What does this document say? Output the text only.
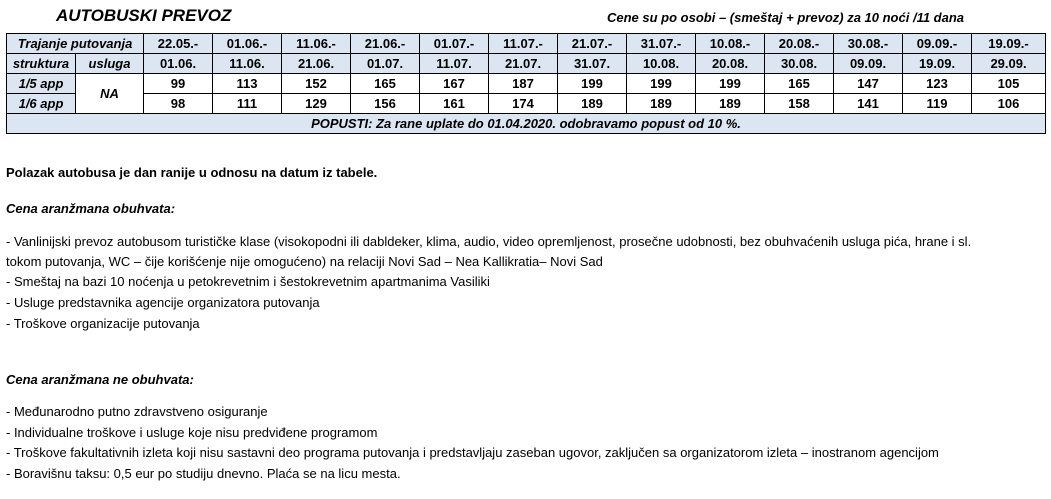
AUTOBUSKI PREVOZ	Cene su po osobi – (smeštaj + prevoz) za 10 noći /11 dana
Trajanje putovanja		22.05.-	01.06.-	11.06.-	21.06.-	01.07.-	11.07.-	21.07.-	31.07.-	10.08.-	20.08.-	30.08.-	09.09.-	19.09.-
struktura	usluga	01.06.	11.06.	21.06.	01.07.	11.07.	21.07.	31.07.	10.08.	20.08.	30.08.	09.09.	19.09.	29.09.
1/5 app	NA	99	113	152	165	167	187	199	199	199	165	147	123	105
1/6 app		98	111	129	156	161	174	189	189	189	158	141	119	106
POPUSTI: Za rane uplate do 01.04.2020. odobravamo popust od 10 %.														
Polazak autobusa je dan ranije u odnosu na datum iz tabele.
Cena aranžmana obuhvata:
- Vanlinijski prevoz autobusom turističke klase (visokopodni ili dabldeker, klima, audio, video opremljenost, prosečne udobnosti, bez obuhvaćenih usluga pića, hrane i sl.
tokom putovanja, WC – čije korišćenje nije omogućeno) na relaciji Novi Sad – Nea Kallikratia– Novi Sad
- Smeštaj na bazi 10 noćenja u petokrevetnim i šestokrevetnim apartmanima Vasiliki
- Usluge predstavnika agencije organizatora putovanja
- Troškove organizacije putovanja
Cena aranžmana ne obuhvata:
- Međunarodno putno zdravstveno osiguranje
- Individualne troškove i usluge koje nisu predviđene programom
- Troškove fakultativnih izleta koji nisu sastavni deo programa putovanja i predstavljaju zaseban ugovor, zaključen sa organizatorom izleta – inostranom agencijom
- Boravišnu taksu: 0,5 eur po studiju dnevno. Plaća se na licu mesta.
